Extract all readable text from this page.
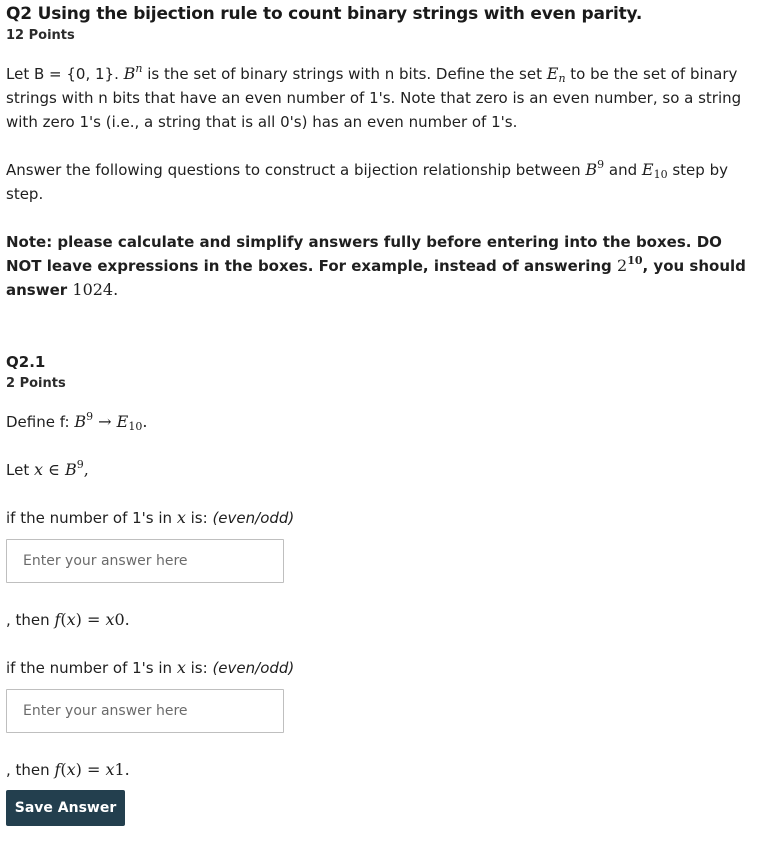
Q2 Using the bijection rule to count binary strings with even parity.
12 Points
Let B = {0, 1}. $B^n$ is the set of binary strings with n bits. Define the set $E_n$ to be the set of binary strings with n bits that have an even number of 1's. Note that zero is an even number, so a string with zero 1's (i.e., a string that is all 0's) has an even number of 1's.
Answer the following questions to construct a bijection relationship between $B^9$ and $E_{10}$ step by step.
Note: please calculate and simplify answers fully before entering into the boxes. DO NOT leave expressions in the boxes. For example, instead of answering $2^{10}$, you should answer 1024.
Q2.1
2 Points
Define f: $B^9 \to E_{10}$.
Let x ∈ $B^9$,
if the number of 1's in x is: (even/odd)
Enter your answer here
, then f(x) = x0.
if the number of 1's in x is: (even/odd)
Enter your answer here
, then f(x) = x1.
Save Answer
